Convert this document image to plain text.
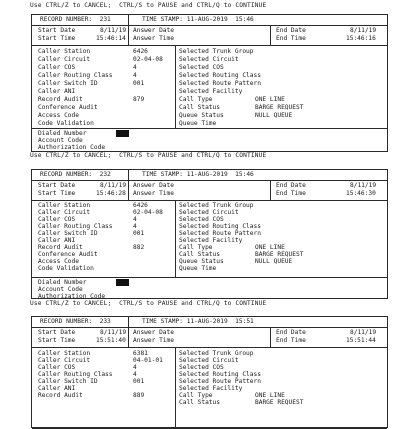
Use CTRL/Z to CANCEL;  CTRL/S to PAUSE and CTRL/Q to CONTINUE
Use CTRL/Z to CANCEL;  CTRL/S to PAUSE and CTRL/Q to CONTINUE
Use CTRL/Z to CANCEL;  CTRL/S to PAUSE and CTRL/Q to CONTINUE
RECORD NUMBER: 231	TIME STAMP: 11-AUG-2019  15:46
Start Date	8/11/19
Start Time	15:46:14
Answer Date
Answer Time
End Date	8/11/19
End Time	15:46:16
Caller Station	6426
Caller Circuit	02-04-08
Caller COS	4
Caller Routing Class	4
Caller Switch ID	001
Caller ANI
Record Audit	879
Conference Audit
Access Code
Code Validation
Selected Trunk Group
Selected Circuit
Selected COS
Selected Routing Class
Selected Route Pattern
Selected Facility
Call Type	ONE LINE
Call Status	BARGE REQUEST
Queue Status	NULL QUEUE
Queue Time
Dialed Number
Account Code
Authorization Code
RECORD NUMBER: 232	TIME STAMP: 11-AUG-2019  15:46
Start Date	8/11/19
Start Time	15:46:28
Answer Date
Answer Time
End Date	8/11/19
End Time	15:46:30
Caller Station	6426
Caller Circuit	02-04-08
Caller COS	4
Caller Routing Class	4
Caller Switch ID	001
Caller ANI
Record Audit	882
Conference Audit
Access Code
Code Validation
Selected Trunk Group
Selected Circuit
Selected COS
Selected Routing Class
Selected Route Pattern
Selected Facility
Call Type	ONE LINE
Call Status	BARGE REQUEST
Queue Status	NULL QUEUE
Queue Time
Dialed Number
Account Code
Authorization Code
RECORD NUMBER: 233	TIME STAMP: 11-AUG-2019  15:51
Start Date	8/11/19
Start Time	15:51:40
Answer Date
Answer Time
End Date	8/11/19
End Time	15:51:44
Caller Station	6381
Caller Circuit	04-01-01
Caller COS	4
Caller Routing Class	4
Caller Switch ID	001
Caller ANI
Record Audit	889
Selected Trunk Group
Selected Circuit
Selected COS
Selected Routing Class
Selected Route Pattern
Selected Facility
Call Type	ONE LINE
Call Status	BARGE REQUEST
